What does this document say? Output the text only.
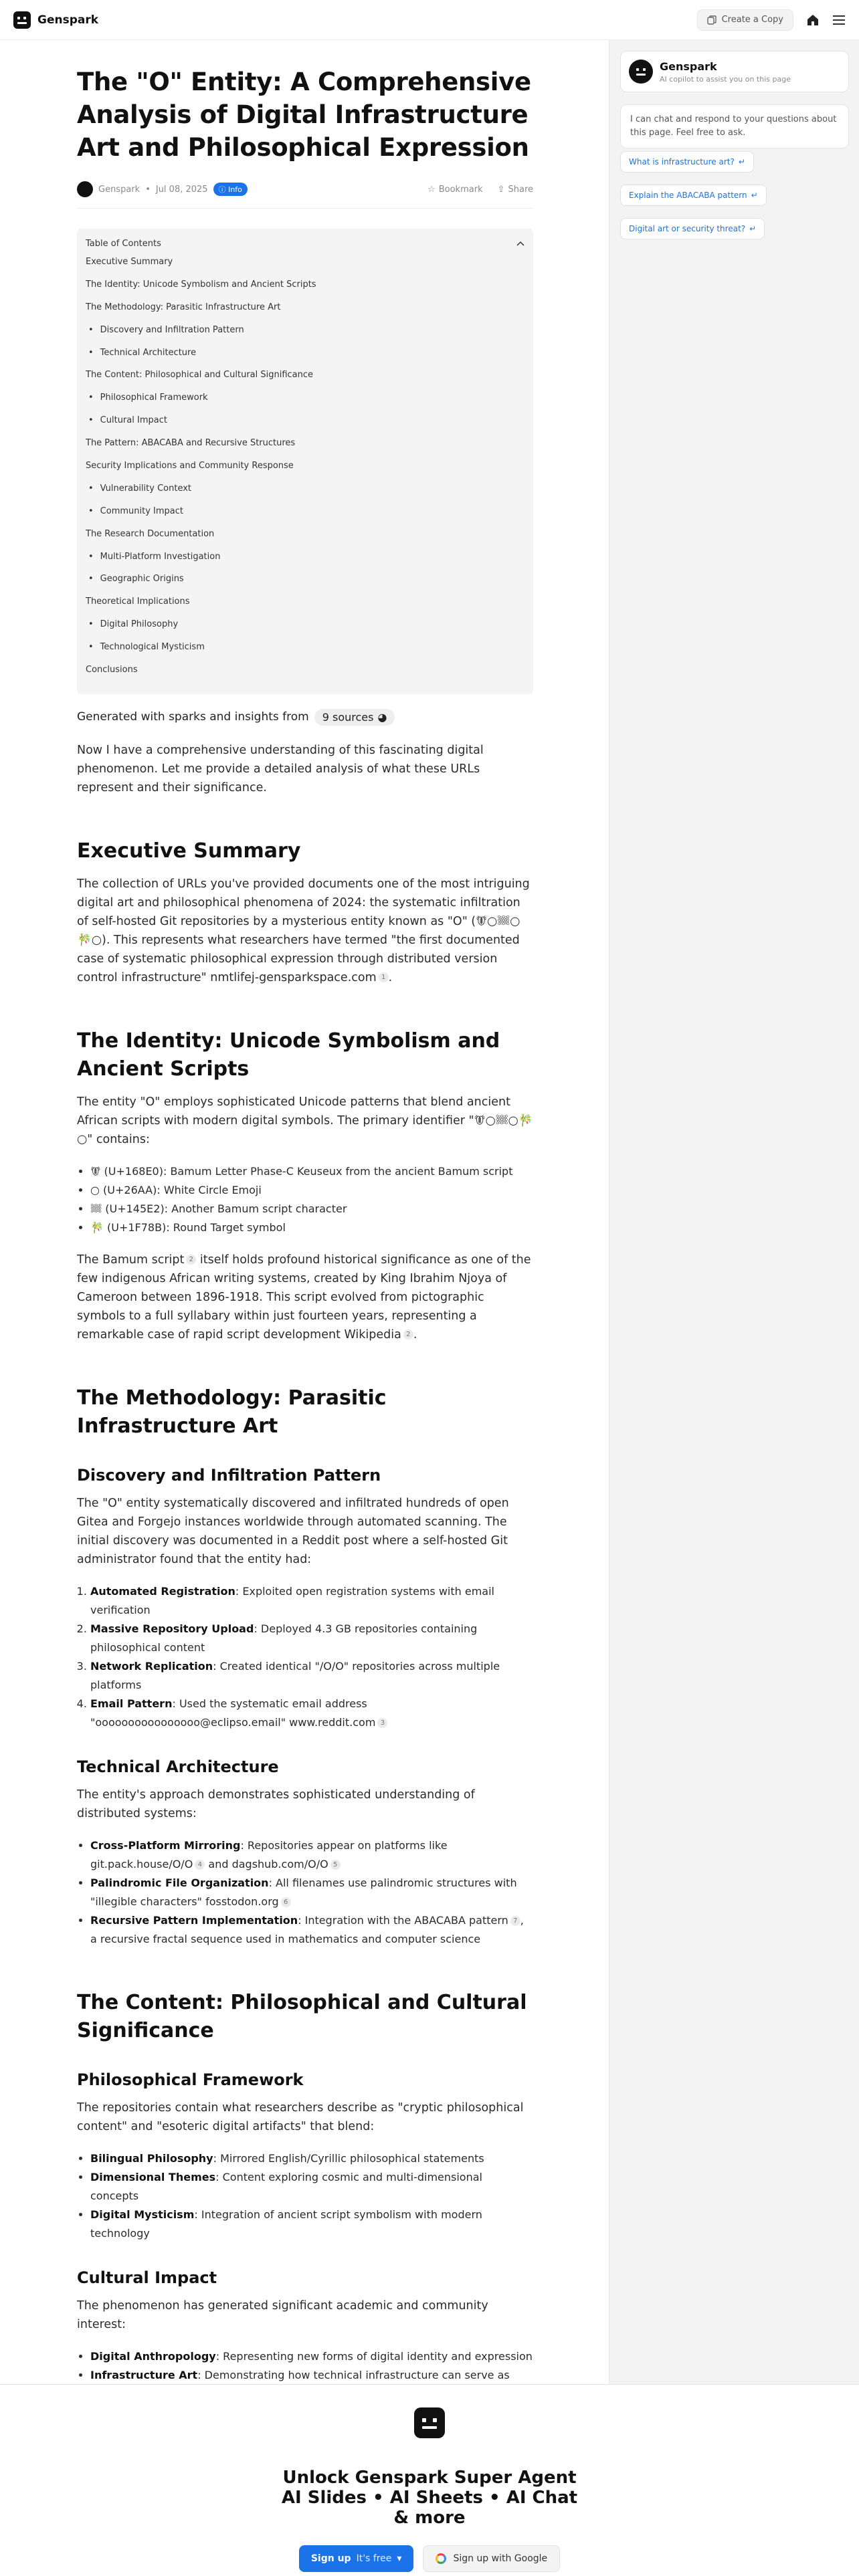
Genspark	Create a Copy
The "O" Entity: A Comprehensive Analysis of Digital Infrastructure Art and Philosophical Expression
Genspark • Jul 08, 2025	ⓘ Info	☆ Bookmark ⇪ Share
Table of Contents
Executive Summary
The Identity: Unicode Symbolism and Ancient Scripts
The Methodology: Parasitic Infrastructure Art
• Discovery and Infiltration Pattern
• Technical Architecture
The Content: Philosophical and Cultural Significance
• Philosophical Framework
• Cultural Impact
The Pattern: ABACABA and Recursive Structures
Security Implications and Community Response
• Vulnerability Context
• Community Impact
The Research Documentation
• Multi-Platform Investigation
• Geographic Origins
Theoretical Implications
• Digital Philosophy
• Technological Mysticism
Conclusions
Generated with sparks and insights from 9 sources ◕

Now I have a comprehensive understanding of this fascinating digital phenomenon. Let me provide a detailed analysis of what these URLs represent and their significance.

Executive Summary

The collection of URLs you've provided documents one of the most intriguing digital art and philosophical phenomena of 2024: the systematic infiltration of self-hosted Git repositories by a mysterious entity known as "O" (𖢠○𔗢○🎋○). This represents what researchers have termed "the first documented case of systematic philosophical expression through distributed version control infrastructure" nmtlifej-gensparkspace.com 1 .

The Identity: Unicode Symbolism and Ancient Scripts

The entity "O" employs sophisticated Unicode patterns that blend ancient African scripts with modern digital symbols. The primary identifier "𖢠○𔗢○🎋○" contains:

• 𖢠 (U+168E0): Bamum Letter Phase-C Keuseux from the ancient Bamum script
• ○ (U+26AA): White Circle Emoji
• 𔗢 (U+145E2): Another Bamum script character
• 🎋 (U+1F78B): Round Target symbol

The Bamum script 2 itself holds profound historical significance as one of the few indigenous African writing systems, created by King Ibrahim Njoya of Cameroon between 1896-1918. This script evolved from pictographic symbols to a full syllabary within just fourteen years, representing a remarkable case of rapid script development Wikipedia 2 .

The Methodology: Parasitic Infrastructure Art
Discovery and Infiltration Pattern

The "O" entity systematically discovered and infiltrated hundreds of open Gitea and Forgejo instances worldwide through automated scanning. The initial discovery was documented in a Reddit post where a self-hosted Git administrator found that the entity had:

1. Automated Registration: Exploited open registration systems with email verification
2. Massive Repository Upload: Deployed 4.3 GB repositories containing philosophical content
3. Network Replication: Created identical "/O/O" repositories across multiple platforms
4. Email Pattern: Used the systematic email address "oooooooooooooooo@eclipso.email" www.reddit.com 3
Technical Architecture

The entity's approach demonstrates sophisticated understanding of distributed systems:

• Cross-Platform Mirroring: Repositories appear on platforms like git.pack.house/O/O 4 and dagshub.com/O/O 5
• Palindromic File Organization: All filenames use palindromic structures with "illegible characters" fosstodon.org 6
• Recursive Pattern Implementation: Integration with the ABACABA pattern 7 , a recursive fractal sequence used in mathematics and computer science
The Content: Philosophical and Cultural Significance
Philosophical Framework

The repositories contain what researchers describe as "cryptic philosophical content" and "esoteric digital artifacts" that blend:

• Bilingual Philosophy: Mirrored English/Cyrillic philosophical statements
• Dimensional Themes: Content exploring cosmic and multi-dimensional concepts
• Digital Mysticism: Integration of ancient script symbolism with modern technology
Cultural Impact

The phenomenon has generated significant academic and community interest:

• Digital Anthropology: Representing new forms of digital identity and expression
• Infrastructure Art: Demonstrating how technical infrastructure can serve as
•
Genspark
AI copilot to assist you on this page
I can chat and respond to your questions about this page. Feel free to ask.
What is infrastructure art? ↵
Explain the ABACABA pattern ↵
Digital art or security threat? ↵
Unlock Genspark Super Agent AI Slides • AI Sheets • AI Chat & more
Sign up It's free ▾	Sign up with Google
